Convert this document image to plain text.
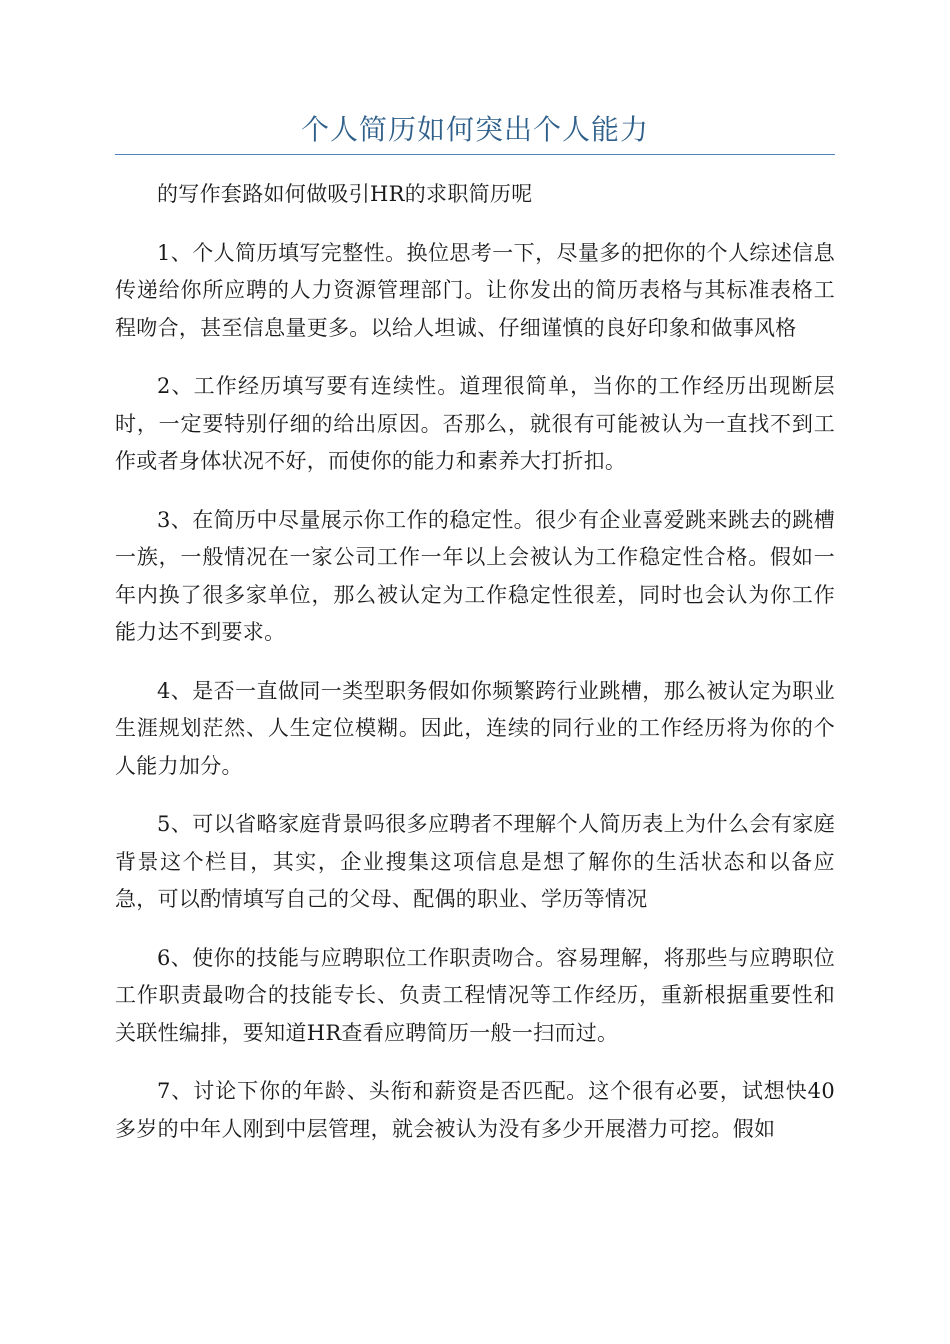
个人简历如何突出个人能力

的写作套路如何做吸引HR的求职简历呢

1、个人简历填写完整性。换位思考一下，尽量多的把你的个人综述信息传递给你所应聘的人力资源管理部门。让你发出的简历表格与其标准表格工程吻合，甚至信息量更多。以给人坦诚、仔细谨慎的良好印象和做事风格

2、工作经历填写要有连续性。道理很简单，当你的工作经历出现断层时，一定要特别仔细的给出原因。否那么，就很有可能被认为一直找不到工作或者身体状况不好，而使你的能力和素养大打折扣。

3、在简历中尽量展示你工作的稳定性。很少有企业喜爱跳来跳去的跳槽一族，一般情况在一家公司工作一年以上会被认为工作稳定性合格。假如一年内换了很多家单位，那么被认定为工作稳定性很差，同时也会认为你工作能力达不到要求。

4、是否一直做同一类型职务假如你频繁跨行业跳槽，那么被认定为职业生涯规划茫然、人生定位模糊。因此，连续的同行业的工作经历将为你的个人能力加分。

5、可以省略家庭背景吗很多应聘者不理解个人简历表上为什么会有家庭背景这个栏目，其实，企业搜集这项信息是想了解你的生活状态和以备应急，可以酌情填写自己的父母、配偶的职业、学历等情况

6、使你的技能与应聘职位工作职责吻合。容易理解，将那些与应聘职位工作职责最吻合的技能专长、负责工程情况等工作经历，重新根据重要性和关联性编排，要知道HR查看应聘简历一般一扫而过。

7、讨论下你的年龄、头衔和薪资是否匹配。这个很有必要，试想快40多岁的中年人刚到中层管理，就会被认为没有多少开展潜力可挖。假如
